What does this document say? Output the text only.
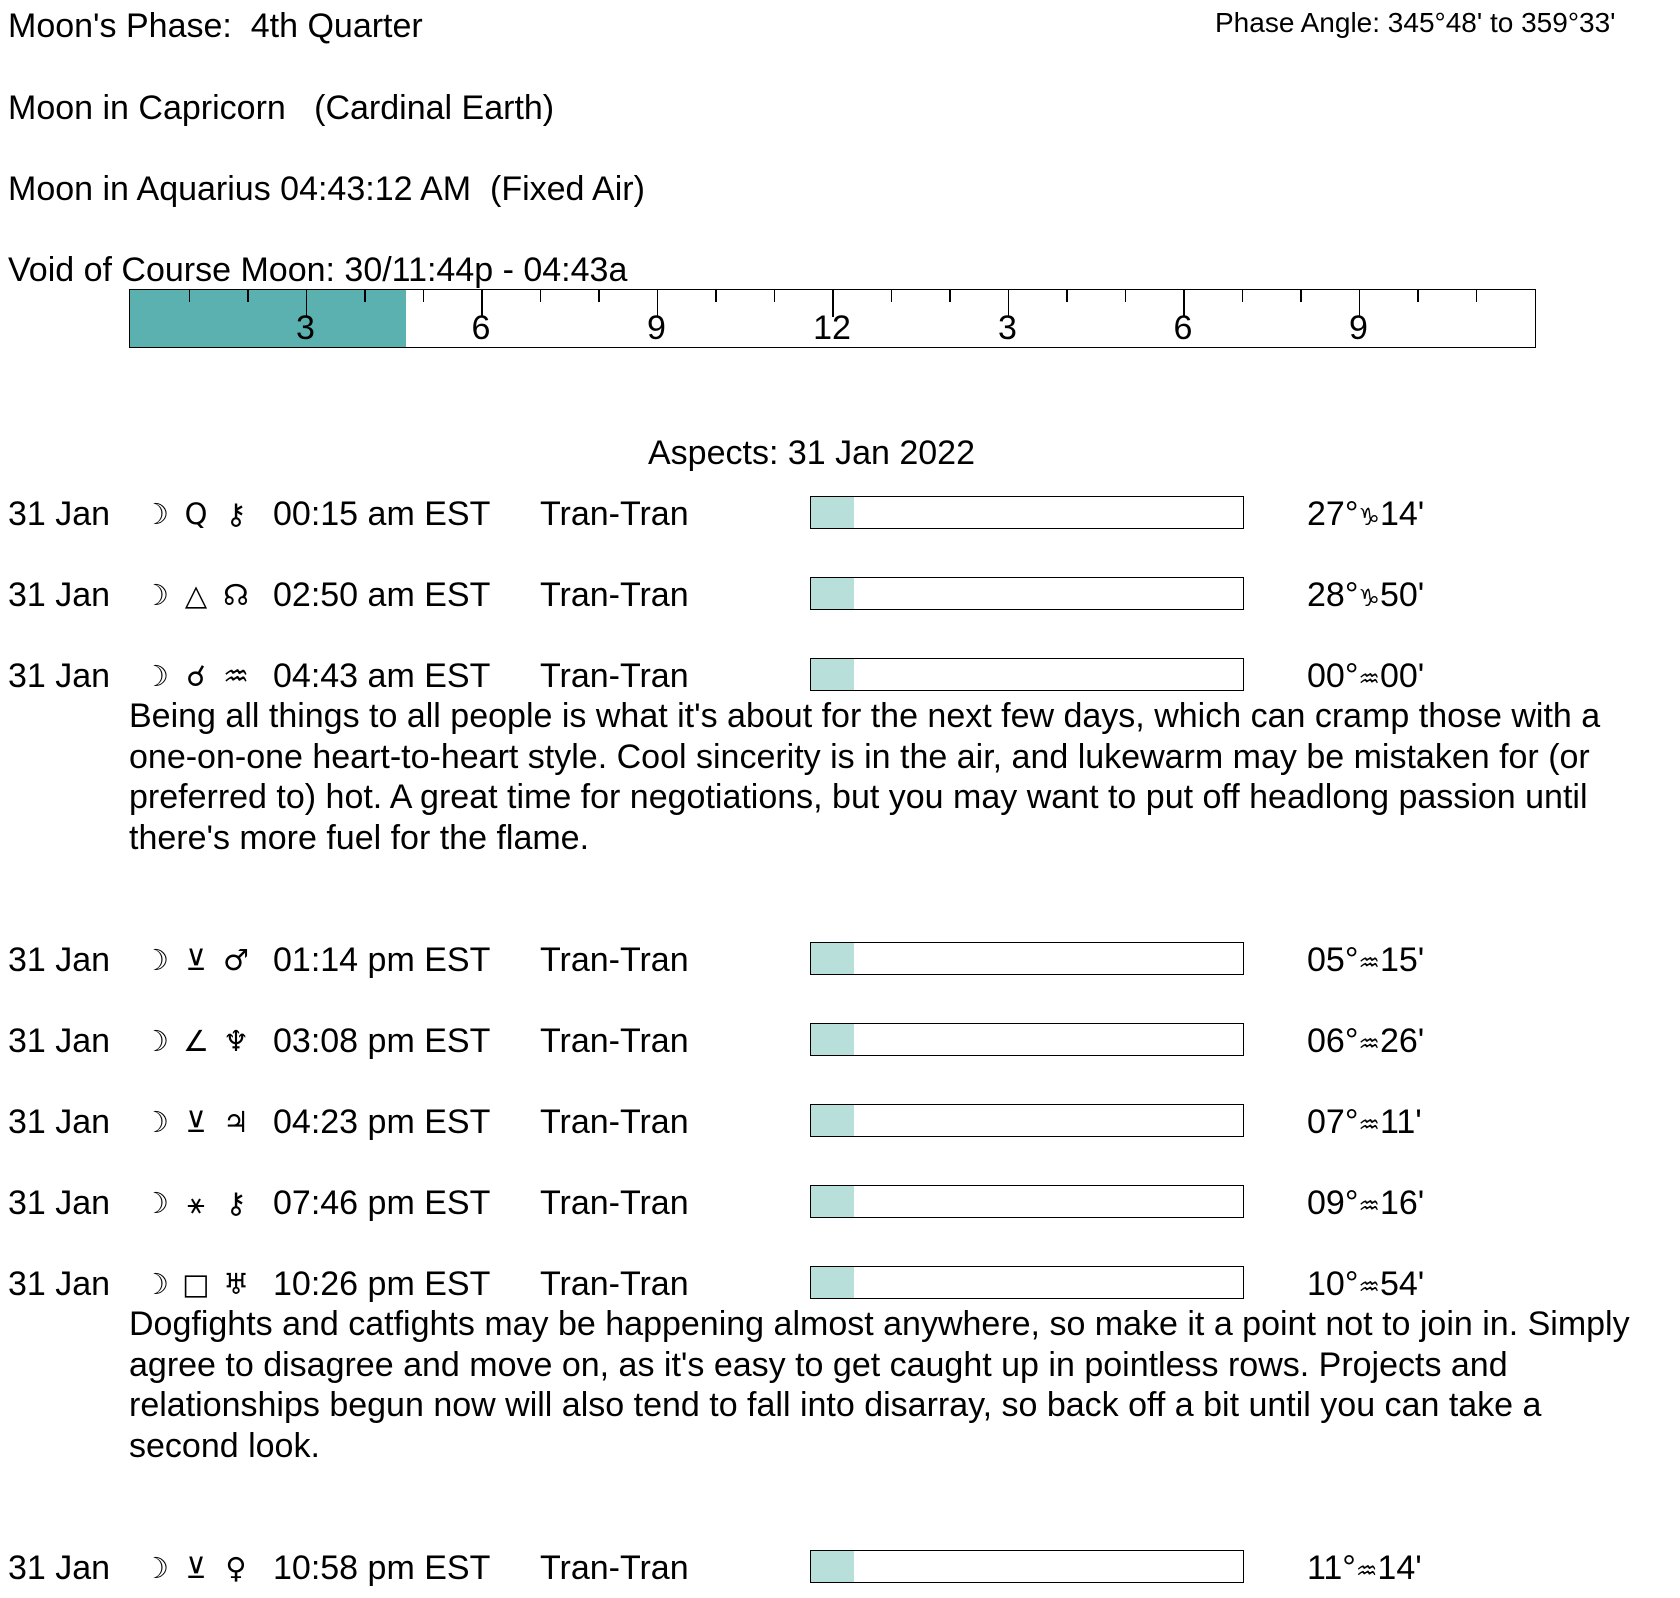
Moon's Phase: 4th Quarter	Phase Angle: 345°48' to 359°33'
Moon in Capricorn (Cardinal Earth)
Moon in Aquarius 04:43:12 AM (Fixed Air)
Void of Course Moon: 30/11:44p - 04:43a
3	6	9	12	3	6	9
Aspects: 31 Jan 2022
31 Jan ☽ Q ⚷ 00:15 am EST Tran-Tran	27°♑14'
31 Jan ☽ △ ☊ 02:50 am EST Tran-Tran	28°♑50'
31 Jan ☽ ☌ ♒ 04:43 am EST Tran-Tran	00°♒00'
Being all things to all people is what it's about for the next few days, which can cramp those with a one-on-one heart-to-heart style. Cool sincerity is in the air, and lukewarm may be mistaken for (or preferred to) hot. A great time for negotiations, but you may want to put off headlong passion until there's more fuel for the flame.
31 Jan ☽ ⊻ ♂ 01:14 pm EST Tran-Tran	05°♒15'
31 Jan ☽ ∠ ♆ 03:08 pm EST Tran-Tran	06°♒26'
31 Jan ☽ ⊻ ♃ 04:23 pm EST Tran-Tran	07°♒11'
31 Jan ☽ ⚹ ⚷ 07:46 pm EST Tran-Tran	09°♒16'
31 Jan ☽ □ ♅ 10:26 pm EST Tran-Tran	10°♒54'
Dogfights and catfights may be happening almost anywhere, so make it a point not to join in. Simply agree to disagree and move on, as it's easy to get caught up in pointless rows. Projects and relationships begun now will also tend to fall into disarray, so back off a bit until you can take a second look.
31 Jan ☽ ⊻ ♀ 10:58 pm EST Tran-Tran	11°♒14'
